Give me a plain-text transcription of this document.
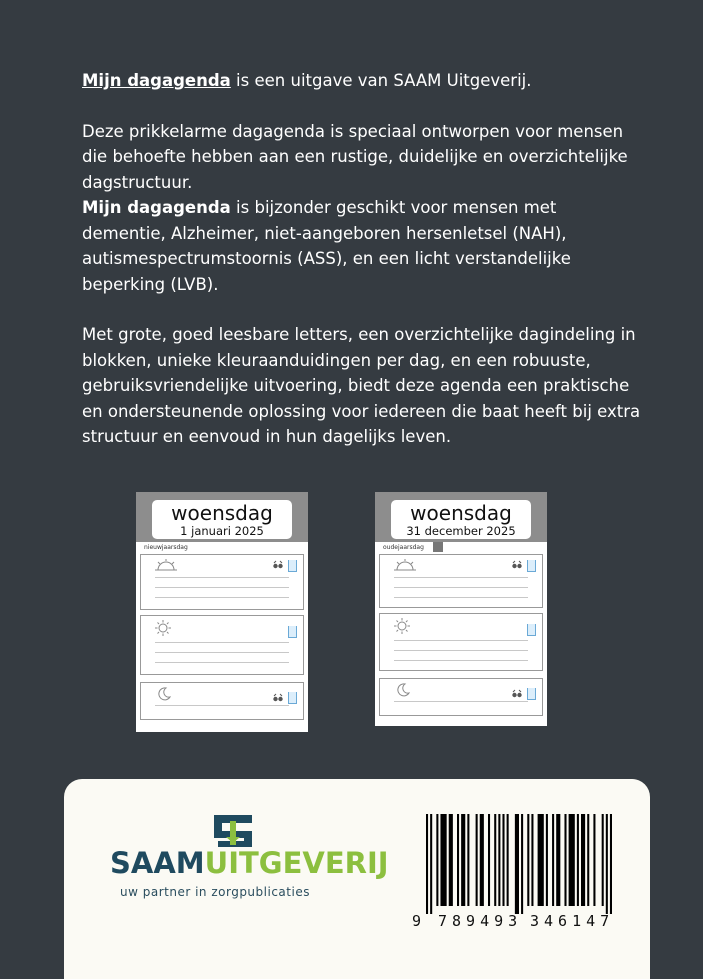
Mijn dagagenda is een uitgave van SAAM Uitgeverij.

Deze prikkelarme dagagenda is speciaal ontworpen voor mensen die behoefte hebben aan een rustige, duidelijke en overzichtelijke dagstructuur.

Mijn dagagenda is bijzonder geschikt voor mensen met dementie, Alzheimer, niet-aangeboren hersenletsel (NAH), autismespectrumstoornis (ASS), en een licht verstandelijke beperking (LVB).

Met grote, goed leesbare letters, een overzichtelijke dagindeling in blokken, unieke kleuraanduidingen per dag, en een robuuste, gebruiksvriendelijke uitvoering, biedt deze agenda een praktische en ondersteunende oplossing voor iedereen die baat heeft bij extra structuur en eenvoud in hun dagelijks leven.

woensdag
1 januari 2025
nieuwjaarsdag
woensdag
31 december 2025
oudejaarsdag
SAAMUITGEVERIJ
uw partner in zorgpublicaties
9 789493 346147
